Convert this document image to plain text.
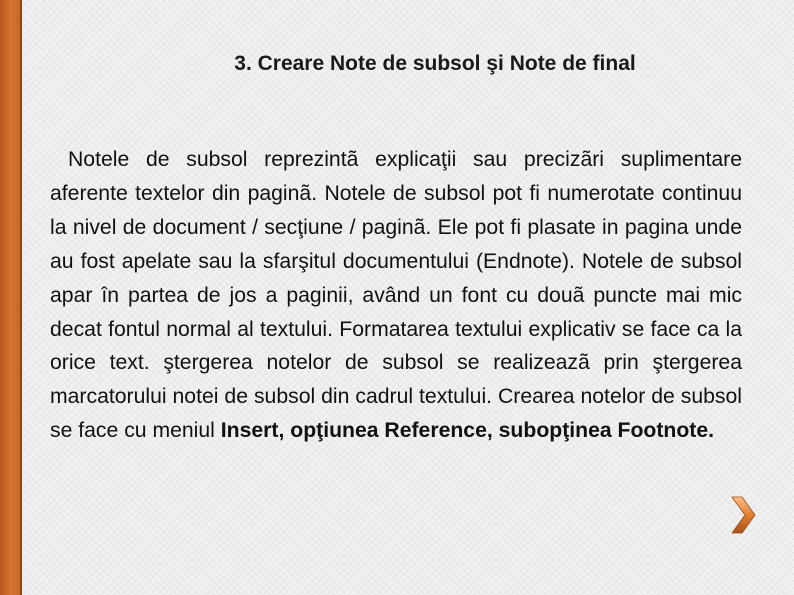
3. Creare Note de subsol şi Note de final

Notele de subsol reprezintã explicaţii sau precizãri suplimentare aferente textelor din paginã. Notele de subsol pot fi numerotate continuu la nivel de document / secţiune / paginã. Ele pot fi plasate in pagina unde au fost apelate sau la sfarşitul documentului (Endnote). Notele de subsol apar în partea de jos a paginii, având un font cu douã puncte mai mic decat fontul normal al textului. Formatarea textului explicativ se face ca la orice text. ştergerea notelor de subsol se realizeazã prin ştergerea marcatorului notei de subsol din cadrul textului. Crearea notelor de subsol se face cu meniul Insert, opţiunea Reference, subopţinea Footnote.
